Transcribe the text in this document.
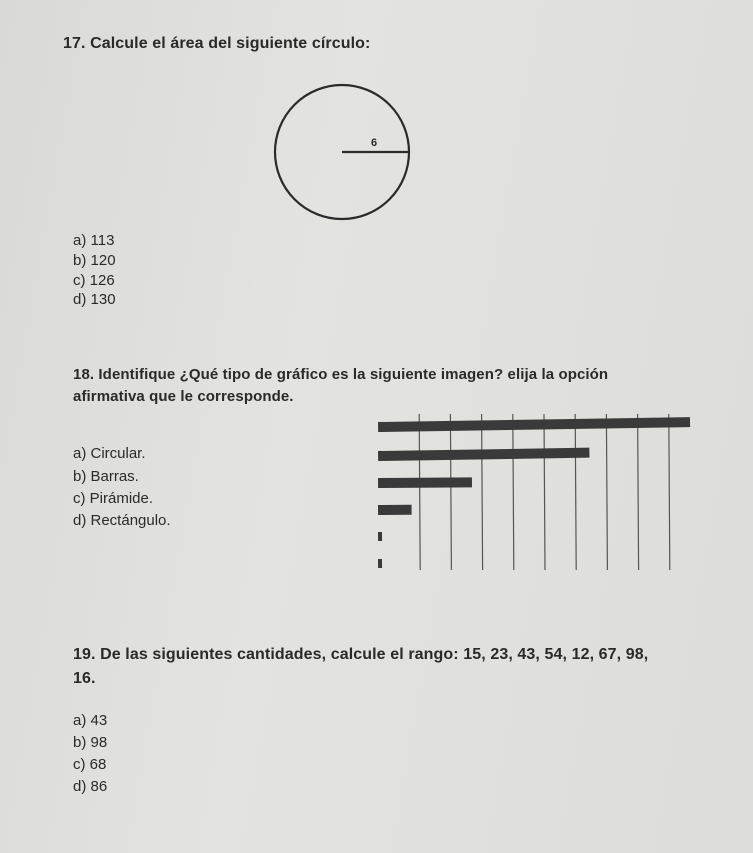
17. Calcule el área del siguiente círculo:
6
a) 113
b) 120
c) 126
d) 130
18. Identifique ¿Qué tipo de gráfico es la siguiente imagen? elija la opción
afirmativa que le corresponde.
a) Circular.
b) Barras.
c) Pirámide.
d) Rectángulo.
19. De las siguientes cantidades, calcule el rango: 15, 23, 43, 54, 12, 67, 98,
16.
a) 43
b) 98
c) 68
d) 86
